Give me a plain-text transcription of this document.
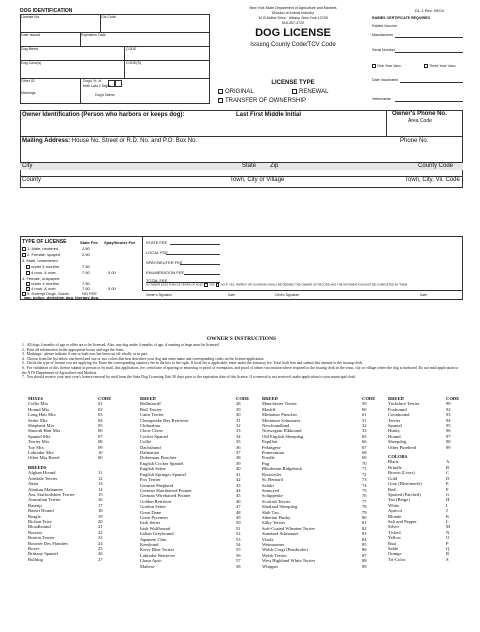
DOG IDENTIFICATION	New York State Department of Agriculture and Markets
Division of Animal Industry
10 B Airline Drive · Albany, New York 12235
518-457-3720
DOG LICENSE
Issuing County Code/TCV Code
DL-1 Rev. 09/04
License No.	Ctv Code
Date Issued	Expiration Date
Dog Breed	CODE
Dog Color(s)	CODE(S)
Other ID	Dog's Yr. of
birth Last 2 Digits
Markings	Dog's Name
LICENSE TYPE
ORIGINAL	RENEWAL
TRANSFER OF OWNERSHIP
RABIES CERTIFICATE REQUIRED
Rabies Vaccine:
Manufacturer
Serial Number
One Year Vacc.	Three Year Vacc.
Date Vaccinated
Veterinarian
Owner Identification (Person who harbors or keeps dog):	Last First Middle Initial	Owner's Phone No.
Area Code
Mailing Address: House No. Street or R.D. No. and P.O. Box No.	Phone No.
City	State Zip	County Code
County	Town, City or Village	Town, City, Vil. Code
TYPE OF LICENSE	State Fee Spay/Neuter Fee
1. Male, neutered	2.50
2. Female, spayed	2.50
3. Male, unneutered
under 4 months	7.50
4 mos. & over	7.50	3.00
4. Female, unspayed
under 4 months	7.50
4 mos. & over	7.50	3.00
5. Exempt Dogs- Guide,	NO FEE
war, police, detection dog, therapy dog,
STATE FEE
LOCAL FEE
SPAY/NEUTER FEE
ENUMERATION FEE
TOTAL FEE
IS OWNER LESS THAN 18 YEARS OF AGE? YES NO IF YES, PARENT OR GUARDIAN SHALL BE DEEMED THE OWNER OF RECORD AND THE INFORMATION MUST BE COMPLETED BY THEM.
Owner's Signature	Date	Clerk's Signature	Date
OWNER'S INSTRUCTIONS
1.  All dogs 4 months of age or older are to be licensed. Also, any dog under 4 months of age, if running at large must be licensed.
2.  Print all information in the appropriate boxes and sign the form.
3.  Markings - please indicate if one or both ears has been cut off wholly or in part.
4.  Choose from the list below one breed and one or two colors that best describes your dog and enter name and corresponding codes on the license application.
5.  Check the type of license you are applying for. Enter the corresponding statutory fee in the box to the right. If local fee is applicable, enter under the statutory fee. Total both fees and submit this amount to the issuing clerk.
6.  For validation of this license submit in person or by mail, this application, fee, certificate of spaying or neutering or proof of exemption, and proof of rabies vaccination where required to the issuing clerk in the town, city or village where the dog is harbored. Do not mail application to the NYS Department of Agriculture and Markets.
7.  You should receive your next year's license renewal by mail from the State Dog Licensing Unit 30 days prior to the expiration date of this license. If a renewal is not received, make application to your municipal clerk.
MIXES	CODE
Collie Mix	01
Hound Mix	02
Long Hair Mix	03
Setter Mix	04
Shepherd Mix	05
Smooth Hair Mix	06
Spaniel Mix	07
Terrier Mix	08
Toy Mix	09
Labrador Mix	10
Other Mix Breed	00

BREEDS	
Afghan Hound	11
Airedale Terrier	12
Akita	13
Alaskan Malamute	14
Am. Staffordshire Terrier	15
Australian Terrier	16
Basenji	17
Basset Hound	18
Beagle	19
Bichon Frise	20
Bloodhound	21
Borzois	22
Boston Terrier	23
Bouvier Des Flandres	24
Boxer	25
Brittany Spaniel	26
Bulldog	27
BREED	CODE
Bullmastiff	28
Bull Terrier	29
Cairn Terrier	30
Chesapeake Bay Retriever	31
Chihuahua	32
Chow Chow	33
Cocker Spaniel	34
Collie	35
Dachshund	36
Dalmatian	37
Doberman Pinscher	38
English Cocker Spaniel	39
English Setter	40
English Springer Spaniel	41
Fox Terrier	42
German Shepherd	43
German Shorthaired Pointer	44
German Wirehaired Pointer	45
Golden Retriever	46
Gordon Setter	47
Great Dane	48
Great Pyrenees	49
Irish Setter	50
Irish Wolfhound	51
Italian Greyhound	52
Japanese Chin	53
Keeshond	54
Kerry Blue Terrier	55
Labrador Retriever	56
Lhasa Apso	57
Maltese	58
BREED	CODE
Manchester Terrier	59
Mastiff	60
Miniature Pinscher	61
Miniature Schnauzer	31
Newfoundland	32
Norwegian Elkhound	33
Old English Sheepdog	65
Papillon	66
Pekingese	67
Pomeranian	68
Poodle	69
Pug	70
Rhodesian Ridgeback	71
Rottweiler	72
St. Bernard	73
Saluki	74
Samoyed	75
Schipperke	76
Scottish Terrier	77
Shetland Sheepdog	78
Shih Tzu	79
Siberian Husky	80
Silky Terrier	81
Soft-Coated Wheaten Terrier	82
Standard Schnauzer	83
Vizsla	84
Weimaraner	85
Welsh Corgi (Pembroke)	86
Welsh Terrier	87
West Highland White Terrier	88
Whippet	89
BREED	CODE
Yorkshire Terrier	90
Foxhound	92
Coonhound	93
Terrier	94
Spaniel	95
Husky	96
Hound	97
Sheepdog	98
Other Purebred	99

COLORS	
Black	A
Brindle	B
Brown (Liver)	C
Gold	D
Gray (Blue/merle)	E
Red	F
Spotted (Patched)	G
Tan (Beige)	H
White	I
Apricot	J
Blonde	K
Salt and Pepper	L
Silver	M
Ticked	N
Yellow	O
Rust	P
Sable	Q
Orange	R
Tri-Color	S
